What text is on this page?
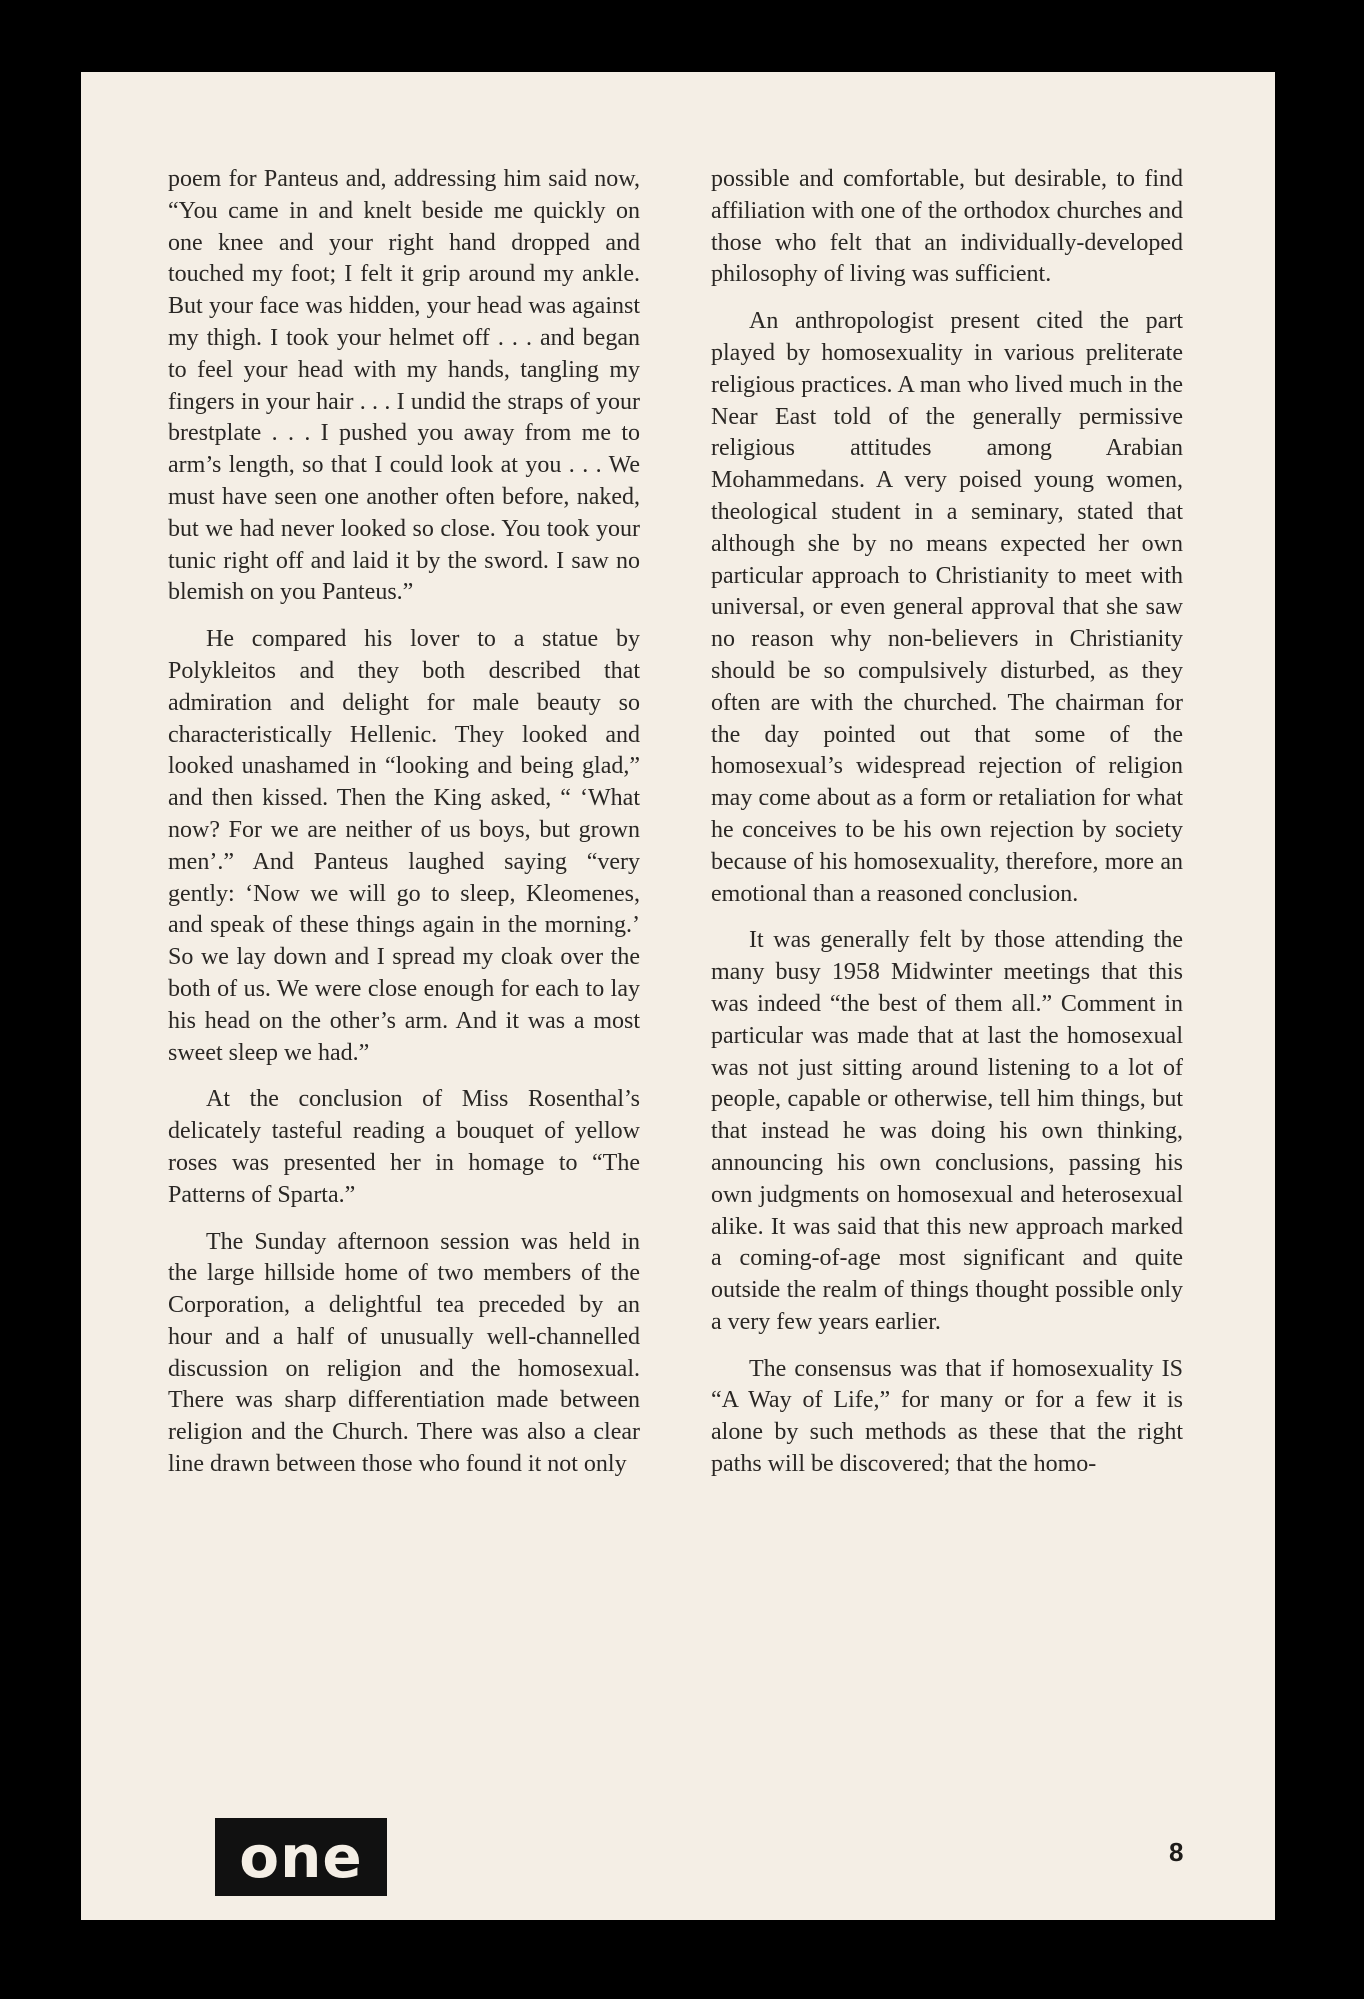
poem for Panteus and, addressing him said now, “You came in and knelt beside me quickly on one knee and your right hand dropped and touched my foot; I felt it grip around my ankle. But your face was hidden, your head was against my thigh. I took your helmet off . . . and began to feel your head with my hands, tangling my fingers in your hair . . . I undid the straps of your brestplate . . . I pushed you away from me to arm’s length, so that I could look at you . . . We must have seen one another often before, naked, but we had never looked so close. You took your tunic right off and laid it by the sword. I saw no blemish on you Panteus.”

He compared his lover to a statue by Polykleitos and they both described that admiration and delight for male beauty so characteristically Hellenic. They looked and looked unashamed in “looking and being glad,” and then kissed. Then the King asked, “ ‘What now? For we are neither of us boys, but grown men’.” And Panteus laughed saying “very gently: ‘Now we will go to sleep, Kleomenes, and speak of these things again in the morning.’ So we lay down and I spread my cloak over the both of us. We were close enough for each to lay his head on the other’s arm. And it was a most sweet sleep we had.”

At the conclusion of Miss Rosenthal’s delicately tasteful reading a bouquet of yellow roses was presented her in homage to “The Patterns of Sparta.”

The Sunday afternoon session was held in the large hillside home of two members of the Corporation, a delightful tea preceded by an hour and a half of unusually well-channelled discussion on religion and the homosexual. There was sharp differentiation made between religion and the Church. There was also a clear line drawn between those who found it not only

possible and comfortable, but desirable, to find affiliation with one of the orthodox churches and those who felt that an individually-developed philosophy of living was sufficient.

An anthropologist present cited the part played by homosexuality in various preliterate religious practices. A man who lived much in the Near East told of the generally permissive religious attitudes among Arabian Mohammedans. A very poised young women, theological student in a seminary, stated that although she by no means expected her own particular approach to Christianity to meet with universal, or even general approval that she saw no reason why non-believers in Christianity should be so compulsively disturbed, as they often are with the churched. The chairman for the day pointed out that some of the homosexual’s widespread rejection of religion may come about as a form or retaliation for what he conceives to be his own rejection by society because of his homosexuality, therefore, more an emotional than a reasoned conclusion.

It was generally felt by those attending the many busy 1958 Midwinter meetings that this was indeed “the best of them all.” Comment in particular was made that at last the homosexual was not just sitting around listening to a lot of people, capable or otherwise, tell him things, but that instead he was doing his own thinking, announcing his own conclusions, passing his own judgments on homosexual and heterosexual alike. It was said that this new approach marked a coming-of-age most significant and quite outside the realm of things thought possible only a very few years earlier.

The consensus was that if homosexuality IS “A Way of Life,” for many or for a few it is alone by such methods as these that the right paths will be discovered; that the homo-

one	8
